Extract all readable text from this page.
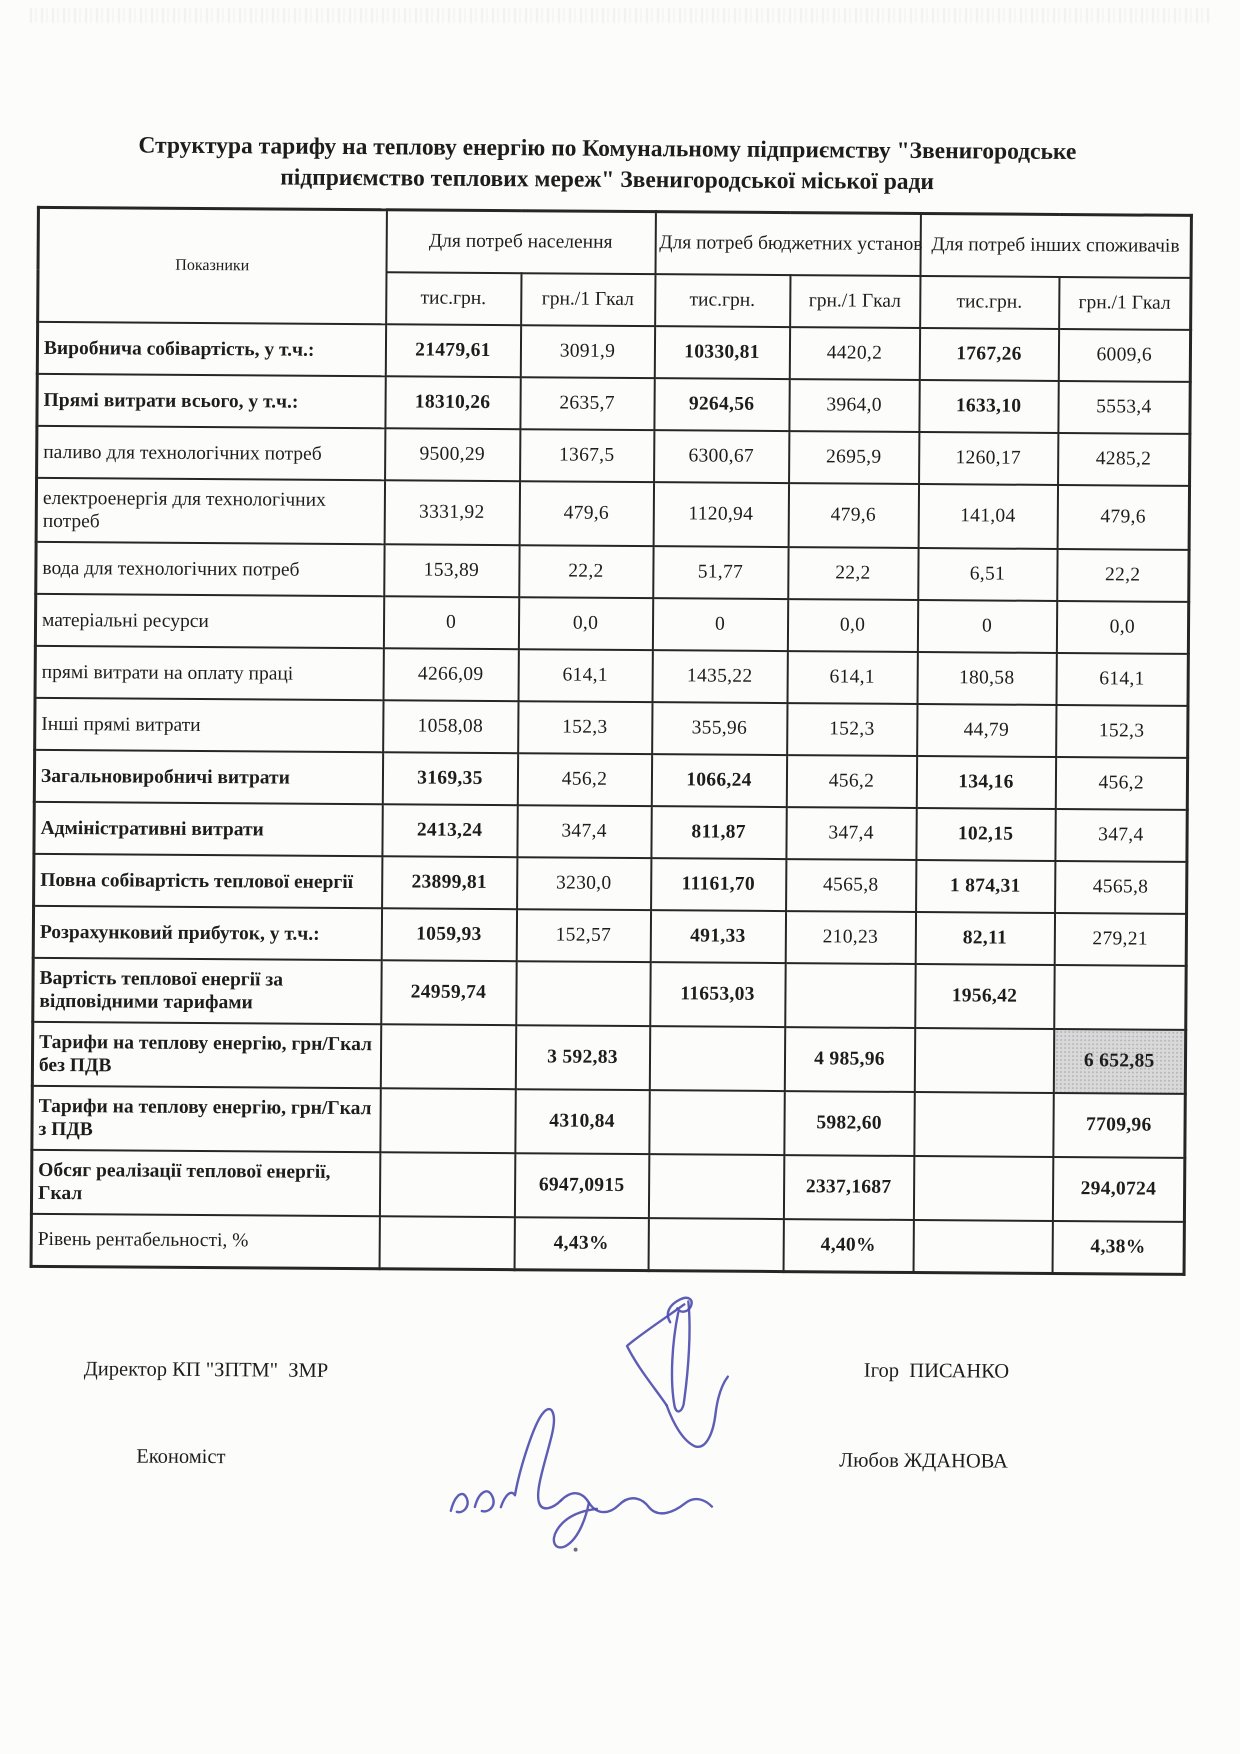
Структура тарифу на теплову енергію по Комунальному підприємству "Звенигородське
підприємство теплових мереж" Звенигородської міської ради
Показники	Для потреб населення		Для потреб бюджетних установ		Для потреб інших споживачів	
	тис.грн.	грн./1 Гкал	тис.грн.	грн./1 Гкал	тис.грн.	грн./1 Гкал
Виробнича собівартість, у т.ч.:	21479,61	3091,9	10330,81	4420,2	1767,26	6009,6
Прямі витрати всього, у т.ч.:	18310,26	2635,7	9264,56	3964,0	1633,10	5553,4
паливо для технологічних потреб	9500,29	1367,5	6300,67	2695,9	1260,17	4285,2
електроенергія для технологічних потреб	3331,92	479,6	1120,94	479,6	141,04	479,6
вода для технологічних потреб	153,89	22,2	51,77	22,2	6,51	22,2
матеріальні ресурси	0	0,0	0	0,0	0	0,0
прямі витрати на оплату праці	4266,09	614,1	1435,22	614,1	180,58	614,1
Інші прямі витрати	1058,08	152,3	355,96	152,3	44,79	152,3
Загальновиробничі витрати	3169,35	456,2	1066,24	456,2	134,16	456,2
Адміністративні витрати	2413,24	347,4	811,87	347,4	102,15	347,4
Повна собівартість теплової енергії	23899,81	3230,0	11161,70	4565,8	1 874,31	4565,8
Розрахунковий прибуток, у т.ч.:	1059,93	152,57	491,33	210,23	82,11	279,21
Вартість теплової енергії за відповідними тарифами	24959,74		11653,03		1956,42	
Тарифи на теплову енергію, грн/Гкал без ПДВ		3 592,83		4 985,96		6 652,85
Тарифи на теплову енергію, грн/Гкал з ПДВ		4310,84		5982,60		7709,96
Обсяг реалізації теплової енергії, Гкал		6947,0915		2337,1687		294,0724
Рівень рентабельності, %		4,43%		4,40%		4,38%
Директор КП "ЗПТМ"  ЗМР	Ігор  ПИСАНКО
Економіст	Любов ЖДАНОВА
